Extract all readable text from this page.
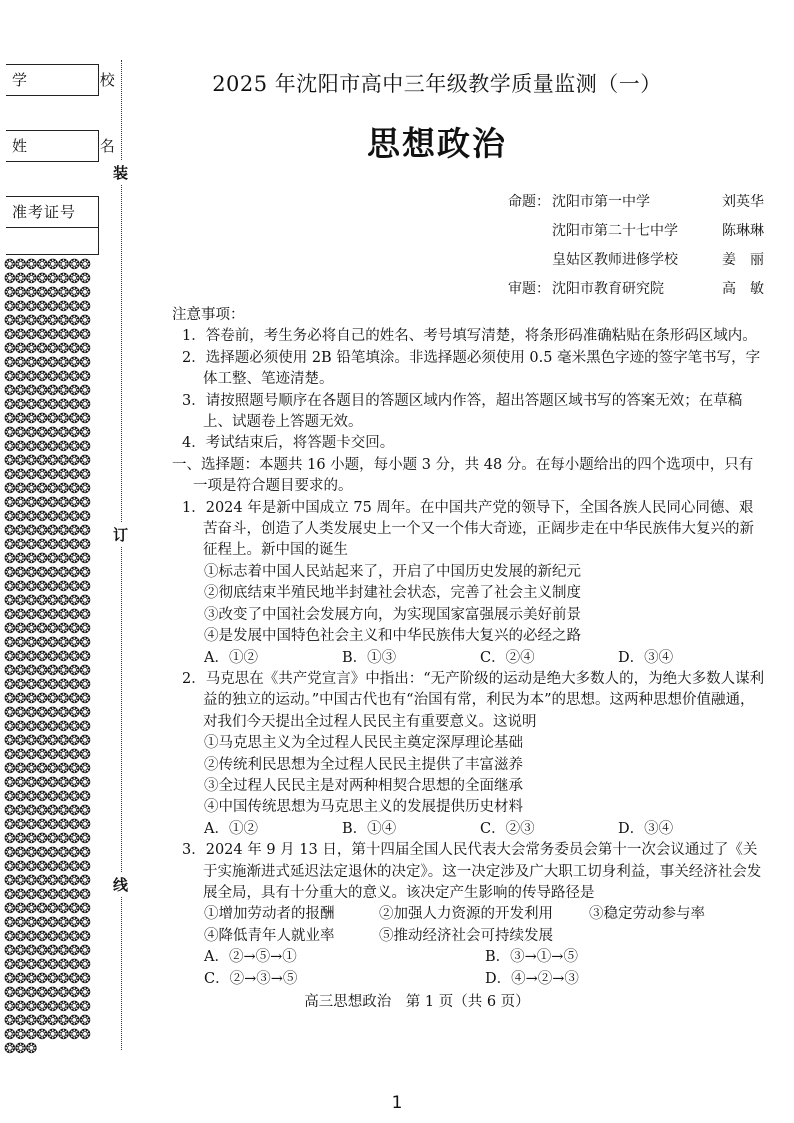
学 校
姓 名
准考证号
❂❂❂❂❂❂❂❂❂❂❂❂❂❂❂❂❂❂❂❂❂❂❂❂❂❂❂❂❂❂❂❂❂❂❂❂❂❂❂❂❂❂❂❂❂❂❂❂❂❂❂❂❂❂❂❂❂❂❂❂❂❂❂❂❂❂❂❂❂❂❂❂❂❂❂❂❂❂❂❂❂❂❂❂❂❂❂❂❂❂❂❂❂❂❂❂❂❂❂❂❂❂❂❂❂❂❂❂❂❂❂❂❂❂❂❂❂❂❂❂❂❂❂❂❂❂❂❂❂❂❂❂❂❂❂❂❂❂❂❂❂❂❂❂❂❂❂❂❂❂❂❂❂❂❂❂❂❂❂❂❂❂❂❂❂❂❂❂❂❂❂❂❂❂❂❂❂❂❂❂❂❂❂❂❂❂❂❂❂❂❂❂❂❂❂❂❂❂❂❂❂❂❂❂❂❂❂❂❂❂❂❂❂❂❂❂❂❂❂❂❂❂❂❂❂❂❂❂❂❂❂❂❂❂❂❂❂❂❂❂❂❂❂❂❂❂❂❂❂❂❂❂❂❂❂❂❂❂❂❂❂❂❂❂❂❂❂❂❂❂❂❂❂❂❂❂❂❂❂❂❂❂❂❂❂❂❂❂❂❂❂❂❂❂❂❂❂❂❂❂❂❂❂❂❂❂❂❂❂❂❂❂❂❂❂❂❂❂❂❂❂❂❂❂❂❂❂❂❂❂❂❂❂❂❂❂❂❂❂❂❂❂❂❂❂❂❂❂❂❂❂❂❂❂❂❂❂❂❂❂❂❂❂❂❂❂❂❂❂❂❂❂❂❂❂❂❂❂❂❂❂❂❂❂❂❂❂❂❂❂❂❂❂❂❂❂❂❂❂❂❂❂❂❂❂❂❂❂❂❂❂❂❂❂❂❂❂❂❂❂❂❂❂❂❂❂❂❂❂❂❂❂❂❂❂❂❂❂❂❂❂❂❂❂❂❂❂❂❂❂❂
装
订
线
2025 年沈阳市高中三年级教学质量监测（一）
思想政治
命题： 沈阳市第一中学	刘英华
沈阳市第二十七中学	陈琳琳
皇姑区教师进修学校	姜　丽
审题： 沈阳市教育研究院	高　敏

注意事项：

1．答卷前，考生务必将自己的姓名、考号填写清楚，将条形码准确粘贴在条形码区域内。

2．选择题必须使用 2B 铅笔填涂。非选择题必须使用 0.5 毫米黑色字迹的签字笔书写，字体工整、笔迹清楚。

3．请按照题号顺序在各题目的答题区域内作答，超出答题区域书写的答案无效；在草稿上、试题卷上答题无效。

4．考试结束后，将答题卡交回。

一、选择题：本题共 16 小题，每小题 3 分，共 48 分。在每小题给出的四个选项中，只有一项是符合题目要求的。

1．2024 年是新中国成立 75 周年。在中国共产党的领导下，全国各族人民同心同德、艰苦奋斗，创造了人类发展史上一个又一个伟大奇迹，正阔步走在中华民族伟大复兴的新征程上。新中国的诞生

①标志着中国人民站起来了，开启了中国历史发展的新纪元

②彻底结束半殖民地半封建社会状态，完善了社会主义制度

③改变了中国社会发展方向，为实现国家富强展示美好前景

④是发展中国特色社会主义和中华民族伟大复兴的必经之路

A．①②	B．①③	C．②④	D．③④

2．马克思在《共产党宣言》中指出：“无产阶级的运动是绝大多数人的，为绝大多数人谋利益的独立的运动。”中国古代也有“治国有常，利民为本”的思想。这两种思想价值融通，对我们今天提出全过程人民民主有重要意义。这说明

①马克思主义为全过程人民民主奠定深厚理论基础

②传统利民思想为全过程人民民主提供了丰富滋养

③全过程人民民主是对两种相契合思想的全面继承

④中国传统思想为马克思主义的发展提供历史材料

A．①②	B．①④	C．②③	D．③④

3．2024 年 9 月 13 日，第十四届全国人民代表大会常务委员会第十一次会议通过了《关于实施渐进式延迟法定退休的决定》。这一决定涉及广大职工切身利益，事关经济社会发展全局，具有十分重大的意义。该决定产生影响的传导路径是

①增加劳动者的报酬	②加强人力资源的开发利用	③稳定劳动参与率
④降低青年人就业率	⑤推动经济社会可持续发展
A．②→⑤→①	B．③→①→⑤
C．②→③→⑤	D．④→②→③
高三思想政治　第 1 页（共 6 页）
1
